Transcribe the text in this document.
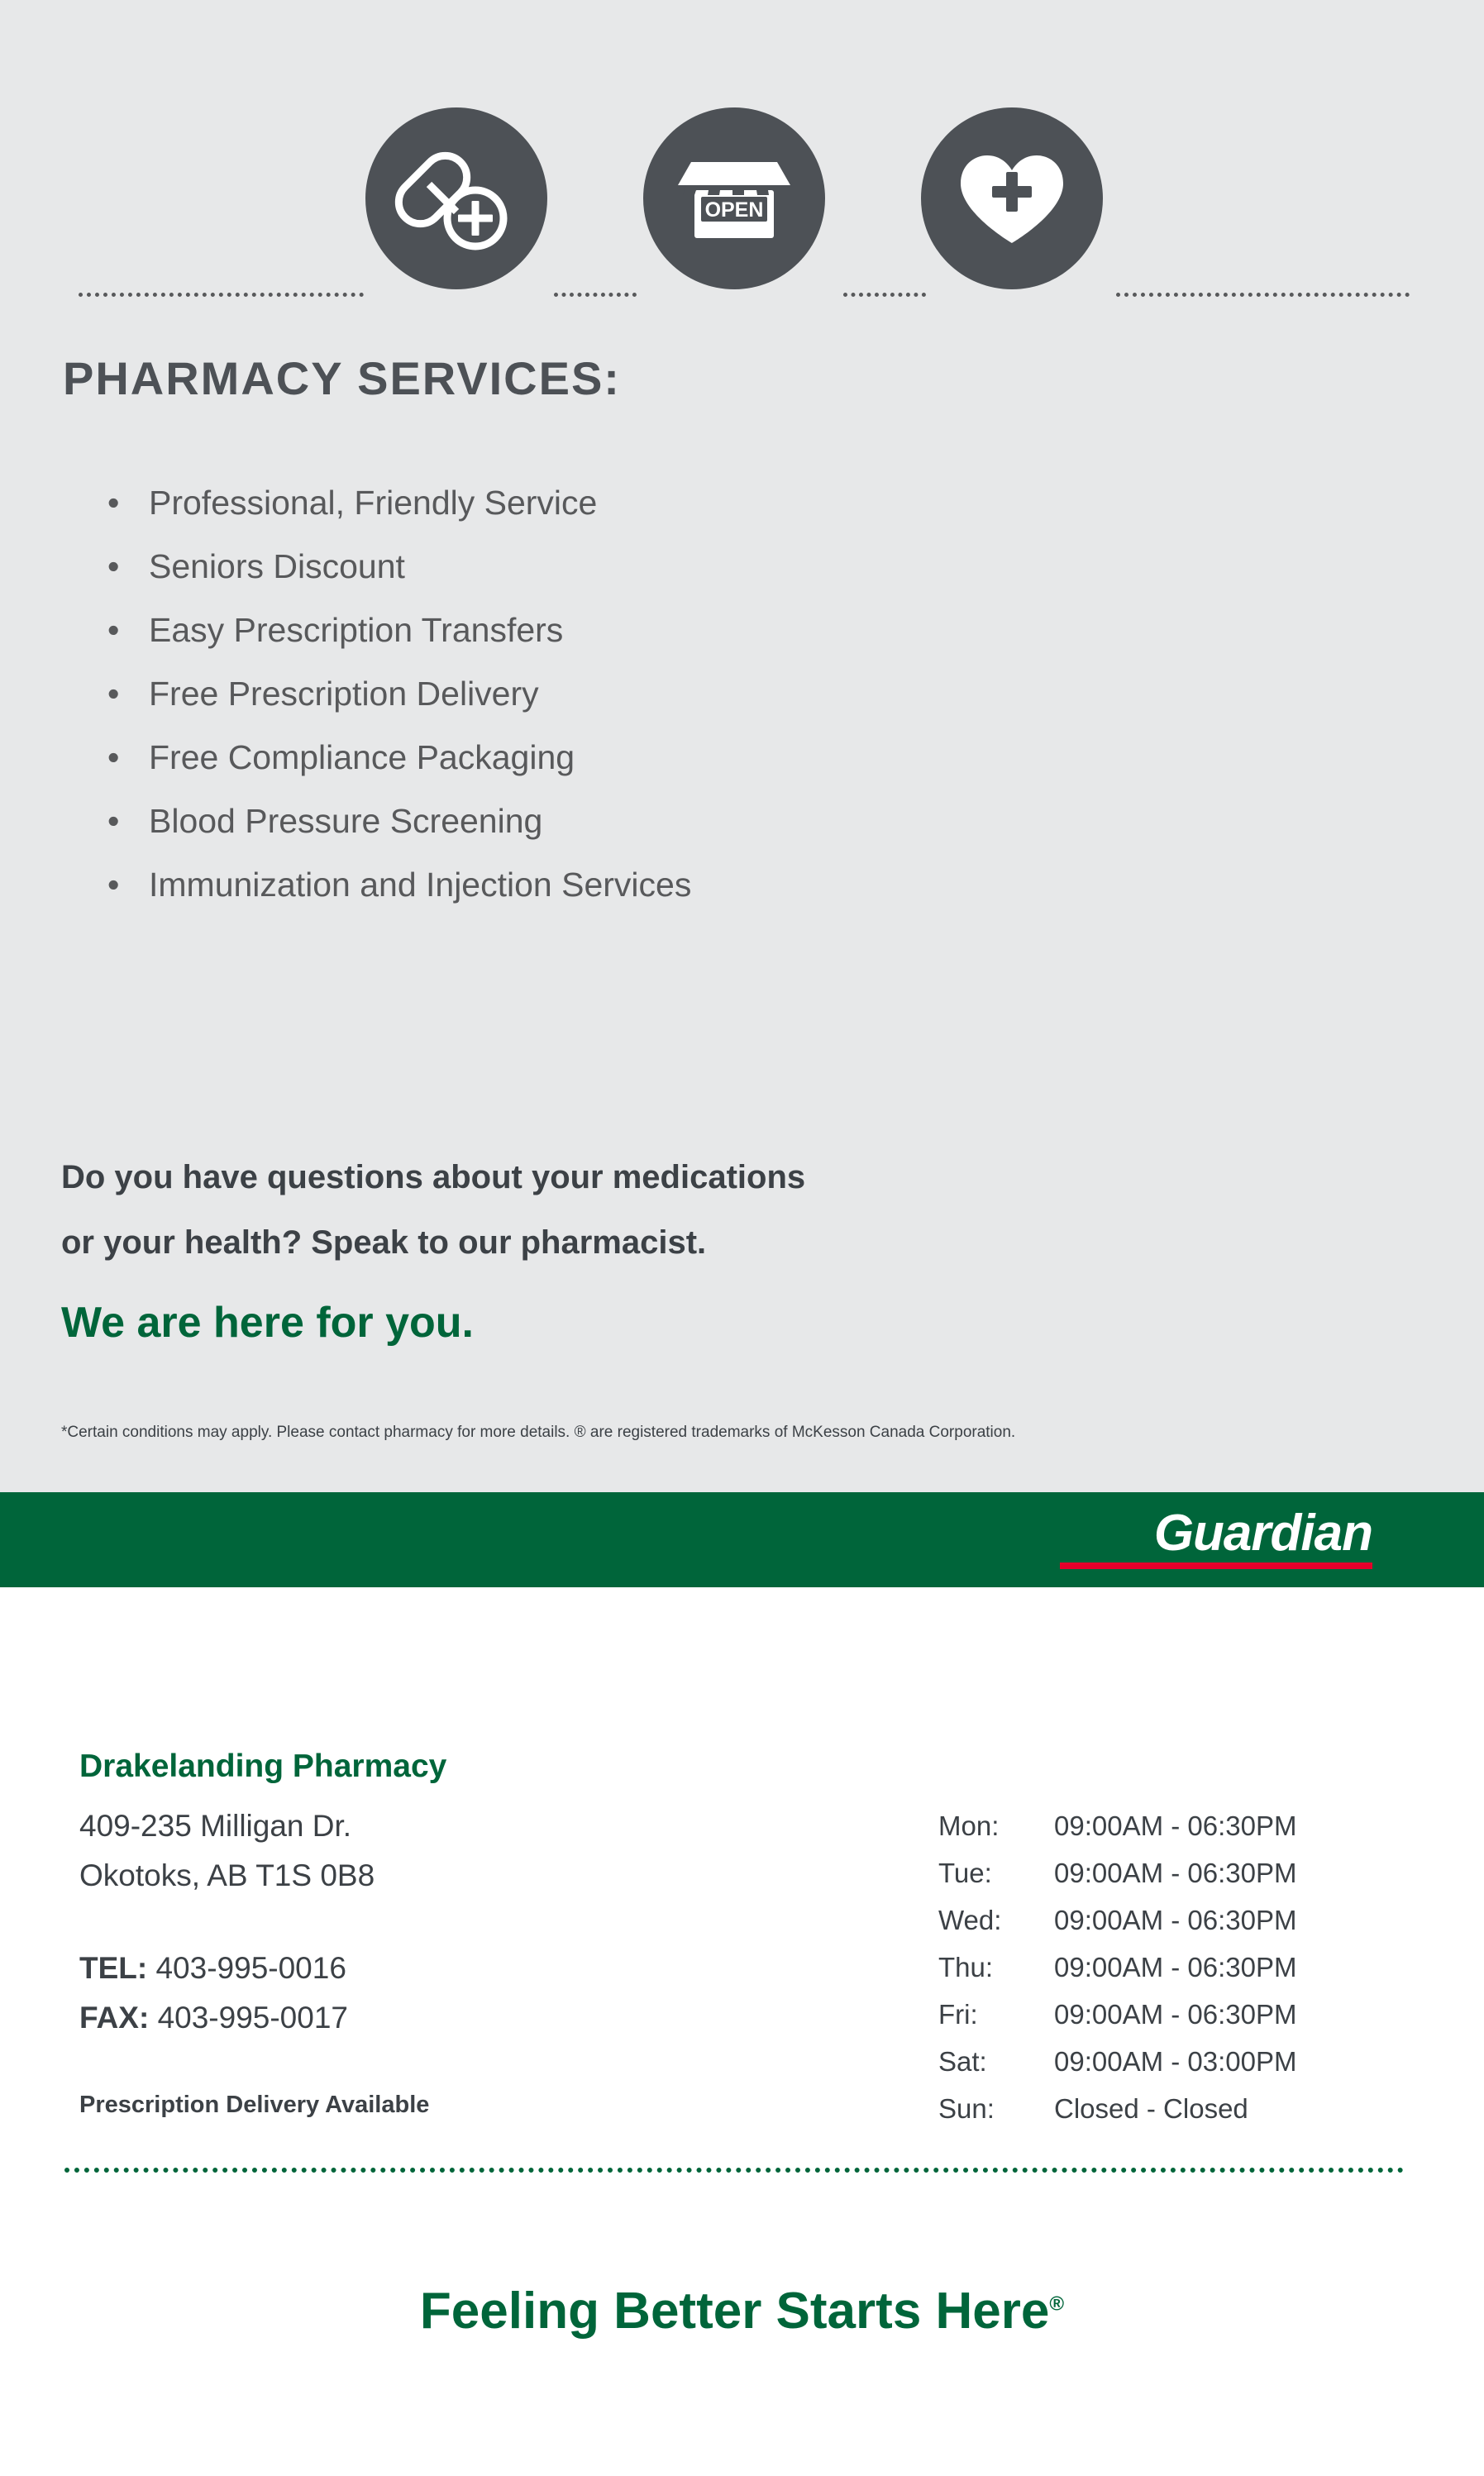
OPEN
PHARMACY SERVICES:
• Professional, Friendly Service
• Seniors Discount
• Easy Prescription Transfers
• Free Prescription Delivery
• Free Compliance Packaging
• Blood Pressure Screening
• Immunization and Injection Services
Do you have questions about your medications
or your health? Speak to our pharmacist.
We are here for you.
*Certain conditions may apply. Please contact pharmacy for more details. ® are registered trademarks of McKesson Canada Corporation.
Guardian
Drakelanding Pharmacy
409-235 Milligan Dr.
Okotoks, AB T1S 0B8
TEL: 403-995-0016
FAX: 403-995-0017
Prescription Delivery Available
Mon:	09:00AM - 06:30PM
Tue:	09:00AM - 06:30PM
Wed:	09:00AM - 06:30PM
Thu:	09:00AM - 06:30PM
Fri:	09:00AM - 06:30PM
Sat:	09:00AM - 03:00PM
Sun:	Closed - Closed
Feeling Better Starts Here®
